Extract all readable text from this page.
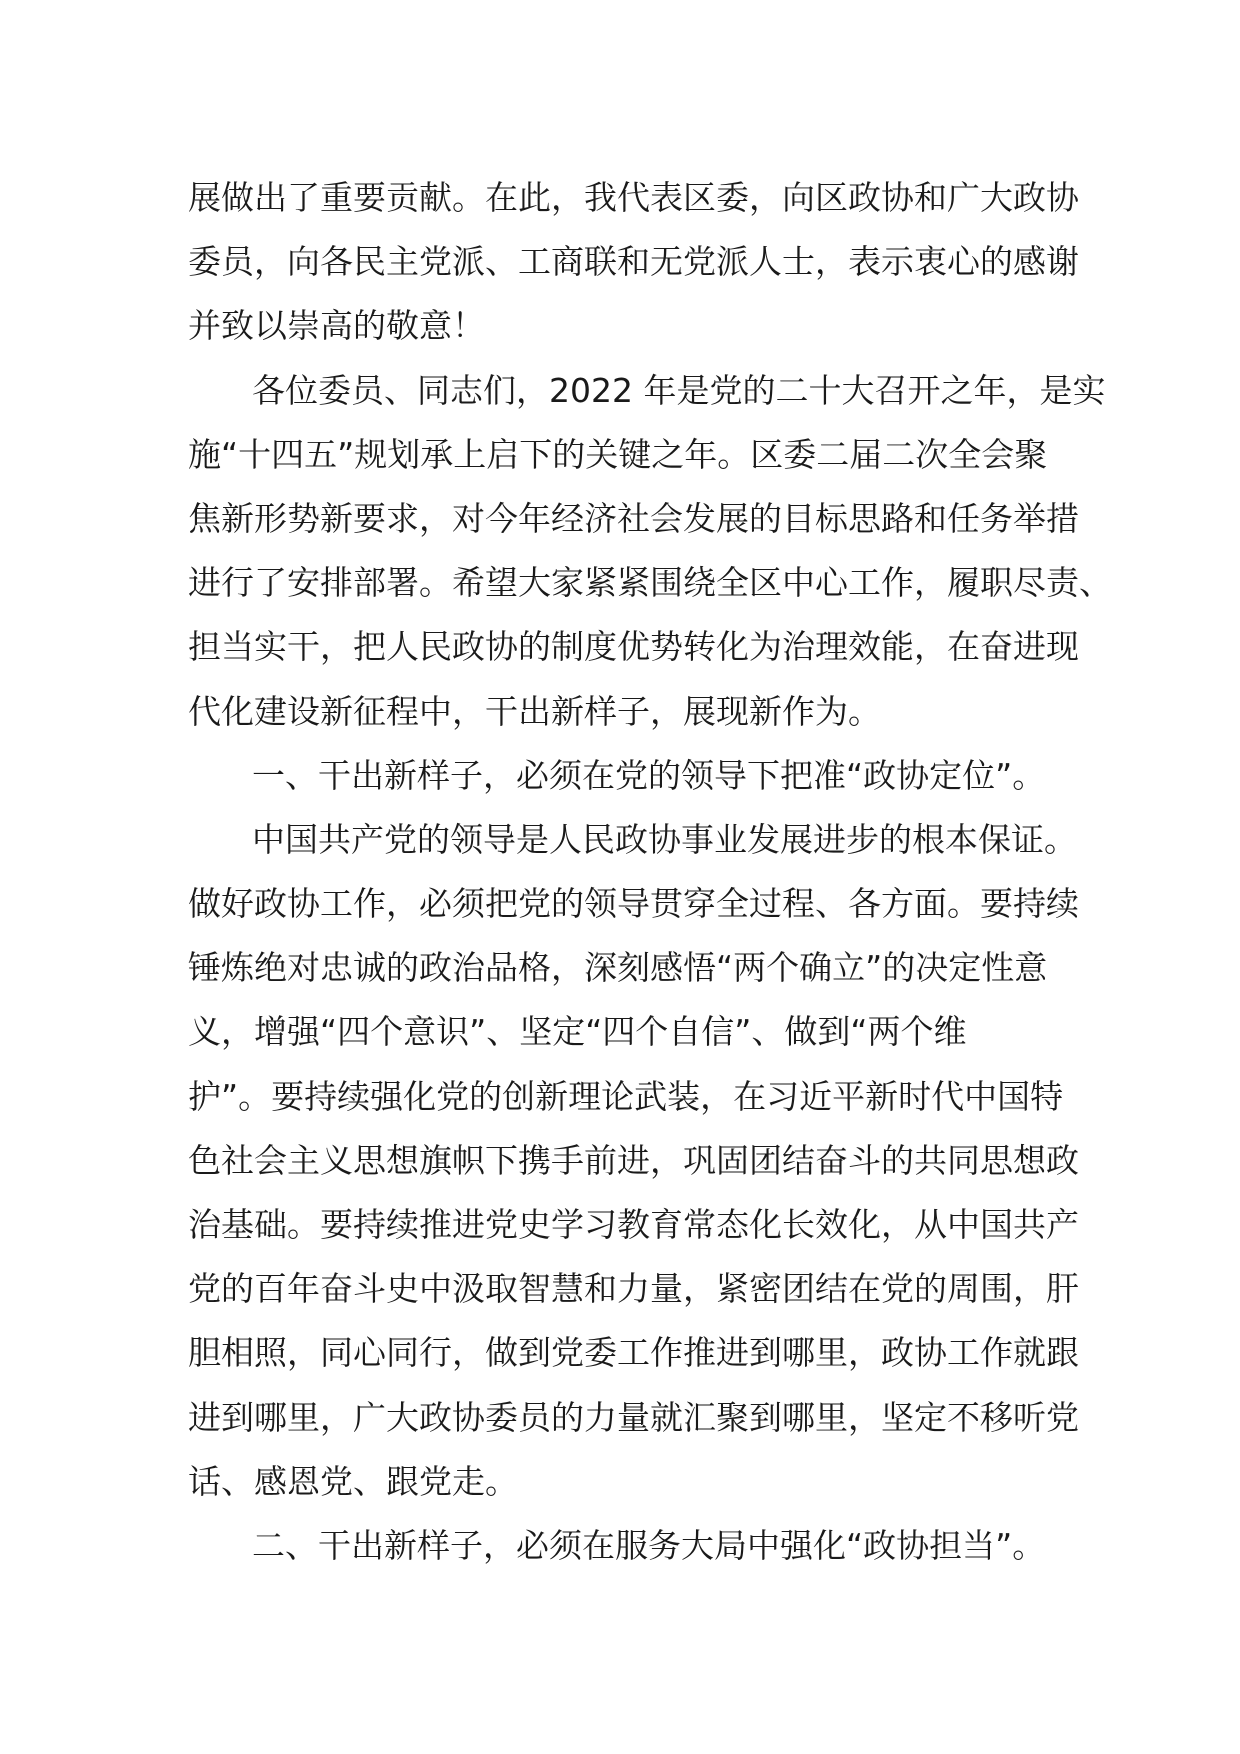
展做出了重要贡献。在此，我代表区委，向区政协和广大政协
委员，向各民主党派、工商联和无党派人士，表示衷心的感谢
并致以崇高的敬意！
各位委员、同志们，2022 年是党的二十大召开之年，是实
施“十四五”规划承上启下的关键之年。区委二届二次全会聚
焦新形势新要求，对今年经济社会发展的目标思路和任务举措
进行了安排部署。希望大家紧紧围绕全区中心工作，履职尽责、
担当实干，把人民政协的制度优势转化为治理效能，在奋进现
代化建设新征程中，干出新样子，展现新作为。
一、干出新样子，必须在党的领导下把准“政协定位”。
中国共产党的领导是人民政协事业发展进步的根本保证。
做好政协工作，必须把党的领导贯穿全过程、各方面。要持续
锤炼绝对忠诚的政治品格，深刻感悟“两个确立”的决定性意
义，增强“四个意识”、坚定“四个自信”、做到“两个维
护”。要持续强化党的创新理论武装，在习近平新时代中国特
色社会主义思想旗帜下携手前进，巩固团结奋斗的共同思想政
治基础。要持续推进党史学习教育常态化长效化，从中国共产
党的百年奋斗史中汲取智慧和力量，紧密团结在党的周围，肝
胆相照，同心同行，做到党委工作推进到哪里，政协工作就跟
进到哪里，广大政协委员的力量就汇聚到哪里，坚定不移听党
话、感恩党、跟党走。
二、干出新样子，必须在服务大局中强化“政协担当”。
